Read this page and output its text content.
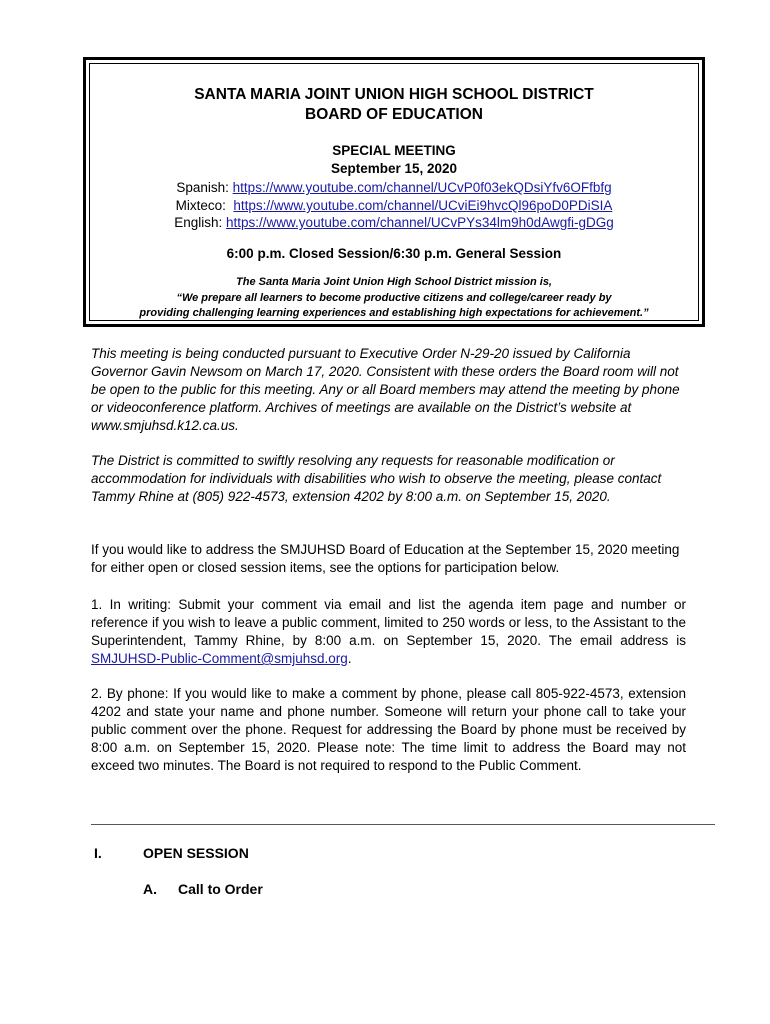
SANTA MARIA JOINT UNION HIGH SCHOOL DISTRICT
BOARD OF EDUCATION
SPECIAL MEETING
September 15, 2020
Spanish: https://www.youtube.com/channel/UCvP0f03ekQDsiYfv6OFfbfg
Mixteco:  https://www.youtube.com/channel/UCviEi9hvcQl96poD0PDiSIA
English: https://www.youtube.com/channel/UCvPYs34lm9h0dAwgfi-gDGg
6:00 p.m. Closed Session/6:30 p.m. General Session
The Santa Maria Joint Union High School District mission is,
“We prepare all learners to become productive citizens and college/career ready by
providing challenging learning experiences and establishing high expectations for achievement.”
This meeting is being conducted pursuant to Executive Order N-29-20 issued by California Governor Gavin Newsom on March 17, 2020. Consistent with these orders the Board room will not be open to the public for this meeting. Any or all Board members may attend the meeting by phone or videoconference platform. Archives of meetings are available on the District’s website at www.smjuhsd.k12.ca.us.
The District is committed to swiftly resolving any requests for reasonable modification or accommodation for individuals with disabilities who wish to observe the meeting, please contact Tammy Rhine at (805) 922-4573, extension 4202 by 8:00 a.m. on September 15, 2020.
If you would like to address the SMJUHSD Board of Education at the September 15, 2020 meeting for either open or closed session items, see the options for participation below.
1. In writing: Submit your comment via email and list the agenda item page and number or reference if you wish to leave a public comment, limited to 250 words or less, to the Assistant to the Superintendent, Tammy Rhine, by 8:00 a.m. on September 15, 2020. The email address is SMJUHSD-Public-Comment@smjuhsd.org.
2. By phone: If you would like to make a comment by phone, please call 805-922-4573, extension 4202 and state your name and phone number. Someone will return your phone call to take your public comment over the phone. Request for addressing the Board by phone must be received by 8:00 a.m. on September 15, 2020. Please note: The time limit to address the Board may not exceed two minutes. The Board is not required to respond to the Public Comment.
I.	OPEN SESSION
A. Call to Order
